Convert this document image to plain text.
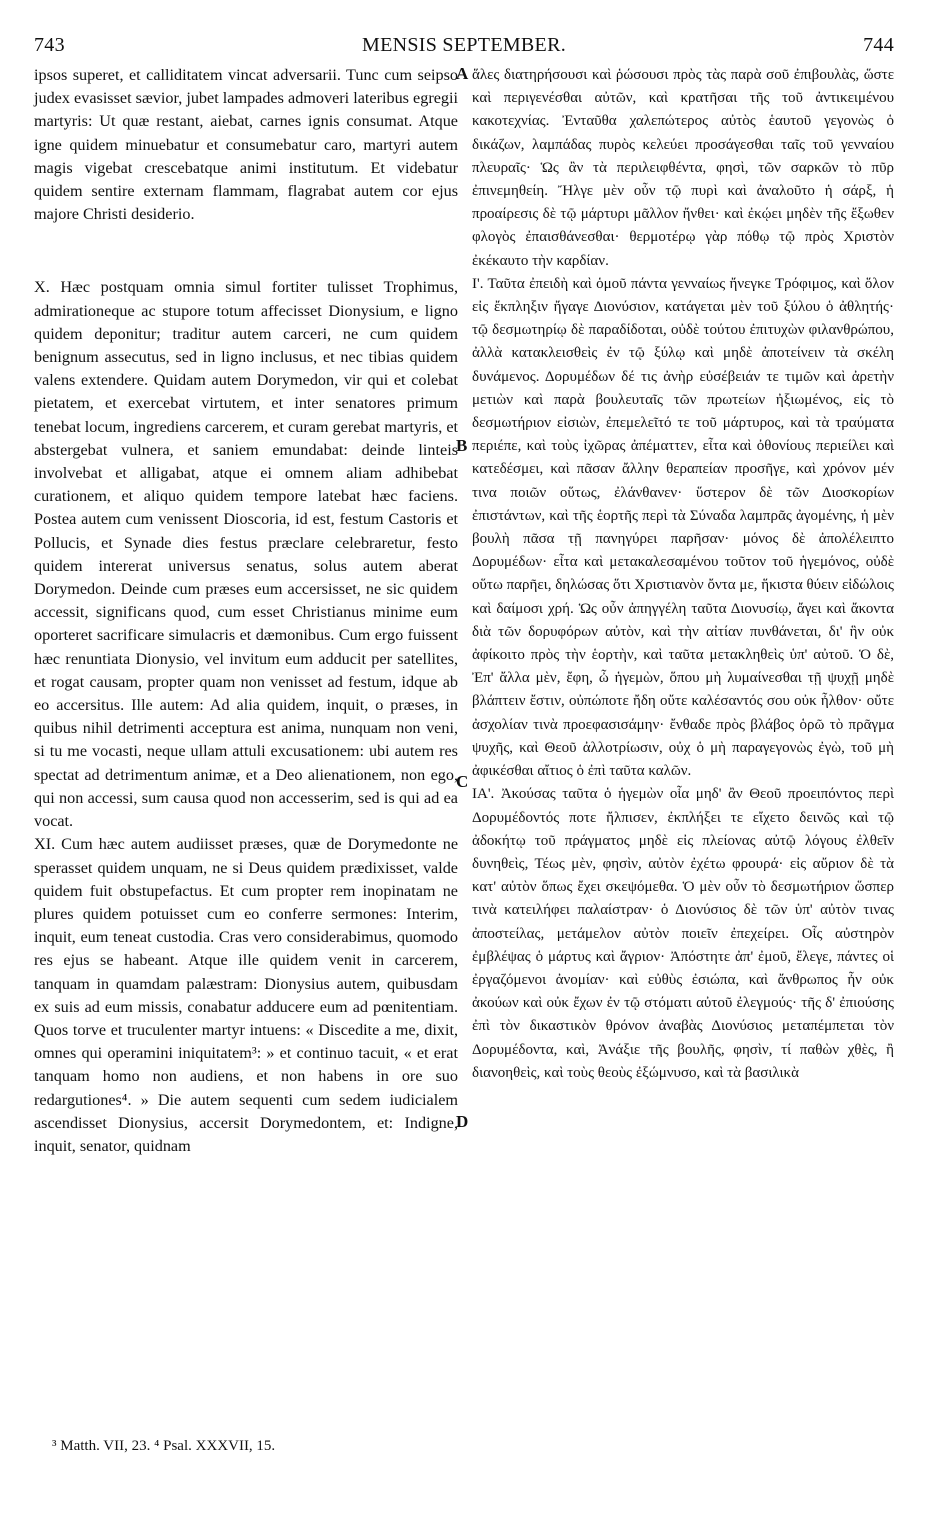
743	MENSIS SEPTEMBER.	744

ipsos superet, et calliditatem vincat adversarii. Tunc cum seipso judex evasisset sævior, jubet lampades admoveri lateribus egregii martyris: Ut quæ restant, aiebat, carnes ignis consumat. Atque igne quidem minuebatur et consumebatur caro, martyri autem magis vigebat crescebatque animi institutum. Et videbatur quidem sentire externam flammam, flagrabat autem cor ejus majore Christi desiderio.

X. Hæc postquam omnia simul fortiter tulisset Trophimus, admirationeque ac stupore totum affecisset Dionysium, e ligno quidem deponitur; traditur autem carceri, ne cum quidem benignum assecutus, sed in ligno inclusus, et nec tibias quidem valens extendere. Quidam autem Dorymedon, vir qui et colebat pietatem, et exercebat virtutem, et inter senatores primum tenebat locum, ingrediens carcerem, et curam gerebat martyris, et abstergebat vulnera, et saniem emundabat: deinde linteis involvebat et alligabat, atque ei omnem aliam adhibebat curationem, et aliquo quidem tempore latebat hæc faciens. Postea autem cum venissent Dioscoria, id est, festum Castoris et Pollucis, et Synade dies festus præclare celebraretur, festo quidem intererat universus senatus, solus autem aberat Dorymedon. Deinde cum præses eum accersisset, ne sic quidem accessit, significans quod, cum esset Christianus minime eum oporteret sacrificare simulacris et dæmonibus. Cum ergo fuissent hæc renuntiata Dionysio, vel invitum eum adducit per satellites, et rogat causam, propter quam non venisset ad festum, idque ab eo accersitus. Ille autem: Ad alia quidem, inquit, o præses, in quibus nihil detrimenti acceptura est anima, nunquam non veni, si tu me vocasti, neque ullam attuli excusationem: ubi autem res spectat ad detrimentum animæ, et a Deo alienationem, non ego, qui non accessi, sum causa quod non accesserim, sed is qui ad ea vocat.

XI. Cum hæc autem audiisset præses, quæ de Dorymedonte ne sperasset quidem unquam, ne si Deus quidem prædixisset, valde quidem fuit obstupefactus. Et cum propter rem inopinatam ne plures quidem potuisset cum eo conferre sermones: Interim, inquit, eum teneat custodia. Cras vero considerabimus, quomodo res ejus se habeant. Atque ille quidem venit in carcerem, tanquam in quamdam palæstram: Dionysius autem, quibusdam ex suis ad eum missis, conabatur adducere eum ad pœnitentiam. Quos torve et truculenter martyr intuens: « Discedite a me, dixit, omnes qui operamini iniquitatem³: » et continuo tacuit, « et erat tanquam homo non audiens, et non habens in ore suo redargutiones⁴. » Die autem sequenti cum sedem iudicialem ascendisset Dionysius, accersit Dorymedontem, et: Indigne, inquit, senator, quidnam

A
B
C
D

ἅλες διατηρήσουσι καὶ ῥώσουσι πρὸς τὰς παρὰ σοῦ ἐπιβουλὰς, ὥστε καὶ περιγενέσθαι αὐτῶν, καὶ κρατῆσαι τῆς τοῦ ἀντικειμένου κακοτεχνίας. Ἐνταῦθα χαλεπώτερος αὐτὸς ἑαυτοῦ γεγονὼς ὁ δικάζων, λαμπάδας πυρὸς κελεύει προσάγεσθαι ταῖς τοῦ γενναίου πλευραῖς· Ὡς ἂν τὰ περιλειφθέντα, φησὶ, τῶν σαρκῶν τὸ πῦρ ἐπινεμηθείη. Ἤλγε μὲν οὖν τῷ πυρὶ καὶ ἀναλοῦτο ἡ σάρξ, ἡ προαίρεσις δὲ τῷ μάρτυρι μᾶλλον ἤνθει· καὶ ἐκῴει μηδὲν τῆς ἔξωθεν φλογὸς ἐπαισθάνεσθαι· θερμοτέρῳ γὰρ πόθῳ τῷ πρὸς Χριστὸν ἐκέκαυτο τὴν καρδίαν.

Ι'. Ταῦτα ἐπειδὴ καὶ ὁμοῦ πάντα γενναίως ἤνεγκε Τρόφιμος, καὶ ὅλον εἰς ἔκπληξιν ἤγαγε Διονύσιον, κατάγεται μὲν τοῦ ξύλου ὁ ἀθλητής· τῷ δεσμωτηρίῳ δὲ παραδίδοται, οὐδὲ τούτου ἐπιτυχὼν φιλανθρώπου, ἀλλὰ κατακλεισθεὶς ἐν τῷ ξύλῳ καὶ μηδὲ ἀποτείνειν τὰ σκέλη δυνάμενος. Δορυμέδων δέ τις ἀνὴρ εὐσέβειάν τε τιμῶν καὶ ἀρετὴν μετιὼν καὶ παρὰ βουλευταῖς τῶν πρωτείων ἠξιωμένος, εἰς τὸ δεσμωτήριον εἰσιὼν, ἐπεμελεῖτό τε τοῦ μάρτυρος, καὶ τὰ τραύματα περιέπε, καὶ τοὺς ἰχῶρας ἀπέματτεν, εἶτα καὶ ὀθονίους περιείλει καὶ κατεδέσμει, καὶ πᾶσαν ἄλλην θεραπείαν προσῆγε, καὶ χρόνον μέν τινα ποιῶν οὕτως, ἐλάνθανεν· ὕστερον δὲ τῶν Διοσκορίων ἐπιστάντων, καὶ τῆς ἑορτῆς περὶ τὰ Σύναδα λαμπρᾶς ἀγομένης, ἡ μὲν βουλὴ πᾶσα τῇ πανηγύρει παρῆσαν· μόνος δὲ ἀπολέλειπτο Δορυμέδων· εἶτα καὶ μετακαλεσαμένου τοῦτον τοῦ ἡγεμόνος, οὐδὲ οὕτω παρῆει, δηλώσας ὅτι Χριστιανὸν ὄντα με, ἥκιστα θύειν εἰδώλοις καὶ δαίμοσι χρή. Ὡς οὖν ἀπηγγέλη ταῦτα Διονυσίῳ, ἄγει καὶ ἄκοντα διὰ τῶν δορυφόρων αὐτὸν, καὶ τὴν αἰτίαν πυνθάνεται, δι' ἣν οὐκ ἀφίκοιτο πρὸς τὴν ἑορτὴν, καὶ ταῦτα μετακληθεὶς ὑπ' αὐτοῦ. Ὁ δὲ, Ἐπ' ἄλλα μὲν, ἔφη, ὦ ἡγεμὼν, ὅπου μὴ λυμαίνεσθαι τῇ ψυχῇ μηδὲ βλάπτειν ἔστιν, οὐπώποτε ἤδη οὔτε καλέσαντός σου οὐκ ἦλθον· οὔτε ἀσχολίαν τινὰ προεφασισάμην· ἔνθαδε πρὸς βλάβος ὁρῶ τὸ πρᾶγμα ψυχῆς, καὶ Θεοῦ ἀλλοτρίωσιν, οὐχ ὁ μὴ παραγεγονὼς ἐγὼ, τοῦ μὴ ἀφικέσθαι αἴτιος ὁ ἐπὶ ταῦτα καλῶν.

ΙΑ'. Ἀκούσας ταῦτα ὁ ἡγεμὼν οἷα μηδ' ἂν Θεοῦ προειπόντος περὶ Δορυμέδοντός ποτε ἤλπισεν, ἐκπλήξει τε εἴχετο δεινῶς καὶ τῷ ἀδοκήτῳ τοῦ πράγματος μηδὲ εἰς πλείονας αὐτῷ λόγους ἐλθεῖν δυνηθεὶς, Τέως μὲν, φησὶν, αὐτὸν ἐχέτω φρουρά· εἰς αὔριον δὲ τὰ κατ' αὐτὸν ὅπως ἔχει σκεψόμεθα. Ὁ μὲν οὖν τὸ δεσμωτήριον ὥσπερ τινὰ κατειλήφει παλαίστραν· ὁ Διονύσιος δὲ τῶν ὑπ' αὐτὸν τινας ἀποστείλας, μετάμελον αὐτὸν ποιεῖν ἐπεχείρει. Οἷς αὐστηρὸν ἐμβλέψας ὁ μάρτυς καὶ ἄγριον· Ἀπόστητε ἀπ' ἐμοῦ, ἔλεγε, πάντες οἱ ἐργαζόμενοι ἀνομίαν· καὶ εὐθὺς ἐσιώπα, καὶ ἄνθρωπος ἦν οὐκ ἀκούων καὶ οὐκ ἔχων ἐν τῷ στόματι αὐτοῦ ἐλεγμούς· τῆς δ' ἐπιούσης ἐπὶ τὸν δικαστικὸν θρόνον ἀναβὰς Διονύσιος μεταπέμπεται τὸν Δορυμέδοντα, καὶ, Ἀνάξιε τῆς βουλῆς, φησὶν, τί παθὼν χθὲς, ἢ διανοηθεὶς, καὶ τοὺς θεοὺς ἐξώμνυσο, καὶ τὰ βασιλικὰ

³ Matth. VII, 23. ⁴ Psal. XXXVII, 15.
